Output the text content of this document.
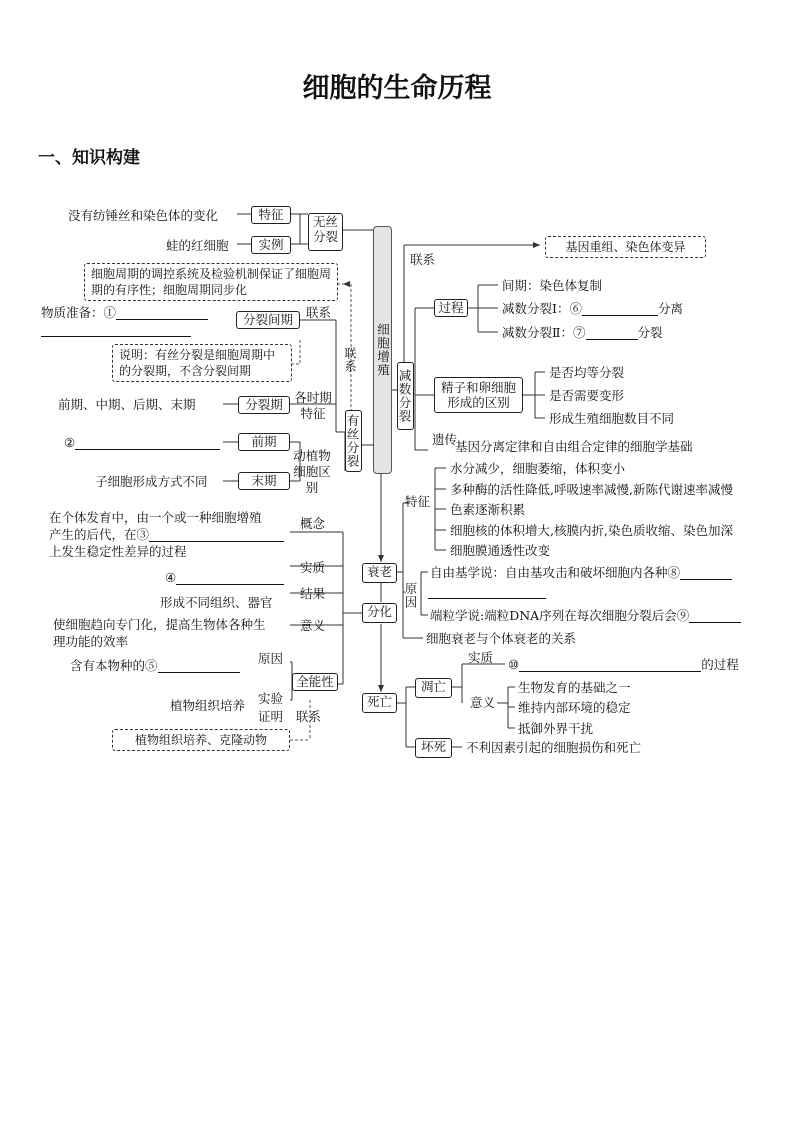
细胞的生命历程
一、知识构建
细胞增殖
无丝分裂
特征
没有纺锤丝和染色体的变化
实例
蛙的红细胞
细胞周期的调控系统及检验机制保证了细胞周期的有序性；细胞周期同步化
物质准备：①	分裂间期	联系
联系
说明：有丝分裂是细胞周期中的分裂期，不含分裂间期
有丝分裂
前期、中期、后期、末期	分裂期 各时期特征
②	前期
动植物细胞区别
子细胞形成方式不同	末期
联系
基因重组、染色体变异
减数分裂
过程
间期：染色体复制
减数分裂Ⅰ：⑥	分离
减数分裂Ⅱ：⑦	分裂
精子和卵细胞形成的区别
是否均等分裂
是否需要变形
形成生殖细胞数目不同
遗传
基因分离定律和自由组合定律的细胞学基础
衰老
特征
水分减少，细胞萎缩，体积变小
多种酶的活性降低,呼吸速率减慢,新陈代谢速率减慢
色素逐渐积累
细胞核的体积增大,核膜内折,染色质收缩、染色加深
细胞膜通透性改变
原因
自由基学说：自由基攻击和破坏细胞内各种⑧
端粒学说:端粒DNA序列在每次细胞分裂后会⑨
细胞衰老与个体衰老的关系
分化
概念
在个体发育中，由一个或一种细胞增殖
产生的后代，在③
上发生稳定性差异的过程
实质
④
结果
形成不同组织、器官
意义
使细胞趋向专门化，提高生物体各种生
理功能的效率
全能性
原因
含有本物种的⑤
实验证明
植物组织培养
联系
植物组织培养、克隆动物
死亡
凋亡
实质 ⑩	的过程
意义
生物发育的基础之一
维持内部环境的稳定
抵御外界干扰
坏死	不利因素引起的细胞损伤和死亡
